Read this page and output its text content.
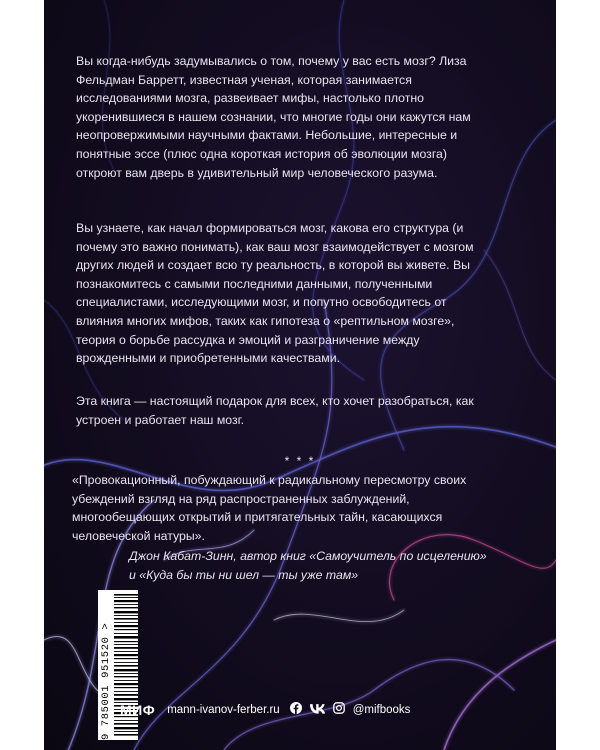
9 785001 951520 >
Вы когда-нибудь задумывались о том, почему у вас есть мозг? Лиза Фельдман Барретт, известная ученая, которая занимается исследованиями мозга, развеивает мифы, настолько плотно укоренившиеся в нашем сознании, что многие годы они кажутся нам неопровержимыми научными фактами. Небольшие, интересные и понятные эссе (плюс одна короткая история об эволюции мозга) откроют вам дверь в удивительный мир человеческого разума.
Вы узнаете, как начал формироваться мозг, какова его структура (и почему это важно понимать), как ваш мозг взаимодействует с мозгом других людей и создает всю ту реальность, в которой вы живете. Вы познакомитесь с самыми последними данными, полученными специалистами, исследующими мозг, и попутно освободитесь от влияния многих мифов, таких как гипотеза о «рептильном мозге», теория о борьбе рассудка и эмоций и разграничение между врожденными и приобретенными качествами.
Эта книга — настоящий подарок для всех, кто хочет разобраться, как устроен и работает наш мозг.
* * *
«Провокационный, побуждающий к радикальному пересмотру своих убеждений взгляд на ряд распространенных заблуждений, многообещающих открытий и притягательных тайн, касающихся человеческой натуры».
Джон Кабат-Зинн, автор книг «Самоучитель по исцелению»
и «Куда бы ты ни шел — ты уже там»
МИФ mann-ivanov-ferber.ru	@mifbooks
